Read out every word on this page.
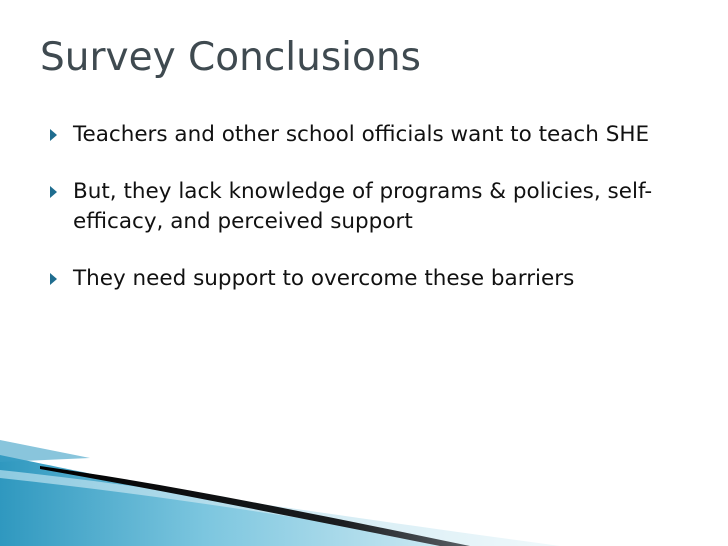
Survey Conclusions
Teachers and other school officials want to teach SHE
But, they lack knowledge of programs & policies, self-efficacy, and perceived support
They need support to overcome these barriers
